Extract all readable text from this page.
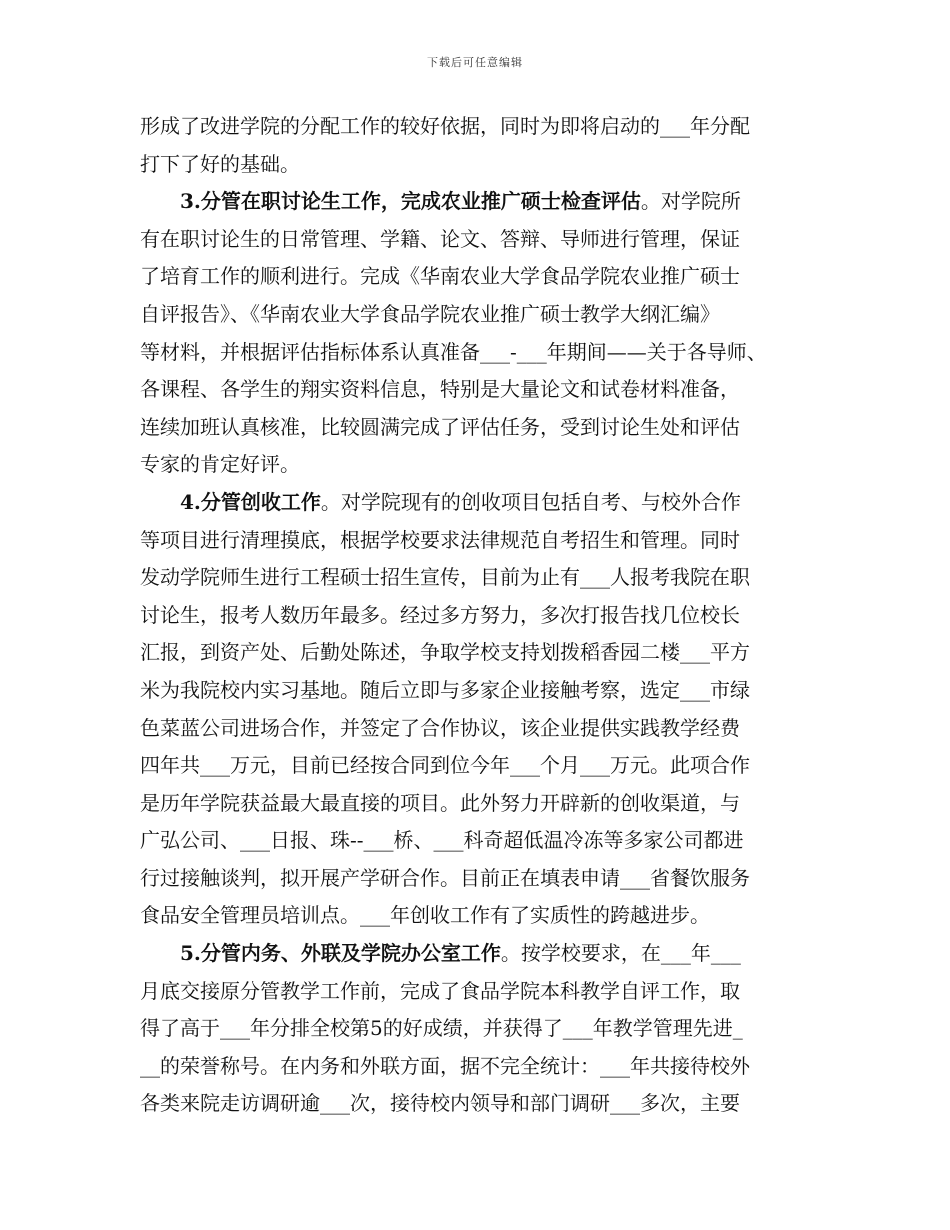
下载后可任意编辑
形成了改进学院的分配工作的较好依据，同时为即将启动的___年分配
打下了好的基础。
3.分管在职讨论生工作，完成农业推广硕士检查评估。对学院所
有在职讨论生的日常管理、学籍、论文、答辩、导师进行管理，保证
了培育工作的顺利进行。完成《华南农业大学食品学院农业推广硕士
自评报告》、《华南农业大学食品学院农业推广硕士教学大纲汇编》
等材料，并根据评估指标体系认真准备___-___年期间——关于各导师、
各课程、各学生的翔实资料信息，特别是大量论文和试卷材料准备，
连续加班认真核准，比较圆满完成了评估任务，受到讨论生处和评估
专家的肯定好评。
4.分管创收工作。对学院现有的创收项目包括自考、与校外合作
等项目进行清理摸底，根据学校要求法律规范自考招生和管理。同时
发动学院师生进行工程硕士招生宣传，目前为止有___人报考我院在职
讨论生，报考人数历年最多。经过多方努力，多次打报告找几位校长
汇报，到资产处、后勤处陈述，争取学校支持划拨稻香园二楼___平方
米为我院校内实习基地。随后立即与多家企业接触考察，选定___市绿
色菜蓝公司进场合作，并签定了合作协议，该企业提供实践教学经费
四年共___万元，目前已经按合同到位今年___个月___万元。此项合作
是历年学院获益最大最直接的项目。此外努力开辟新的创收渠道，与
广弘公司、___日报、珠--___桥、___科奇超低温冷冻等多家公司都进
行过接触谈判，拟开展产学研合作。目前正在填表申请___省餐饮服务
食品安全管理员培训点。___年创收工作有了实质性的跨越进步。
5.分管内务、外联及学院办公室工作。按学校要求，在___年___
月底交接原分管教学工作前，完成了食品学院本科教学自评工作，取
得了高于___年分排全校第5的好成绩，并获得了___年教学管理先进_
__的荣誉称号。在内务和外联方面，据不完全统计：___年共接待校外
各类来院走访调研逾___次，接待校内领导和部门调研___多次，主要
